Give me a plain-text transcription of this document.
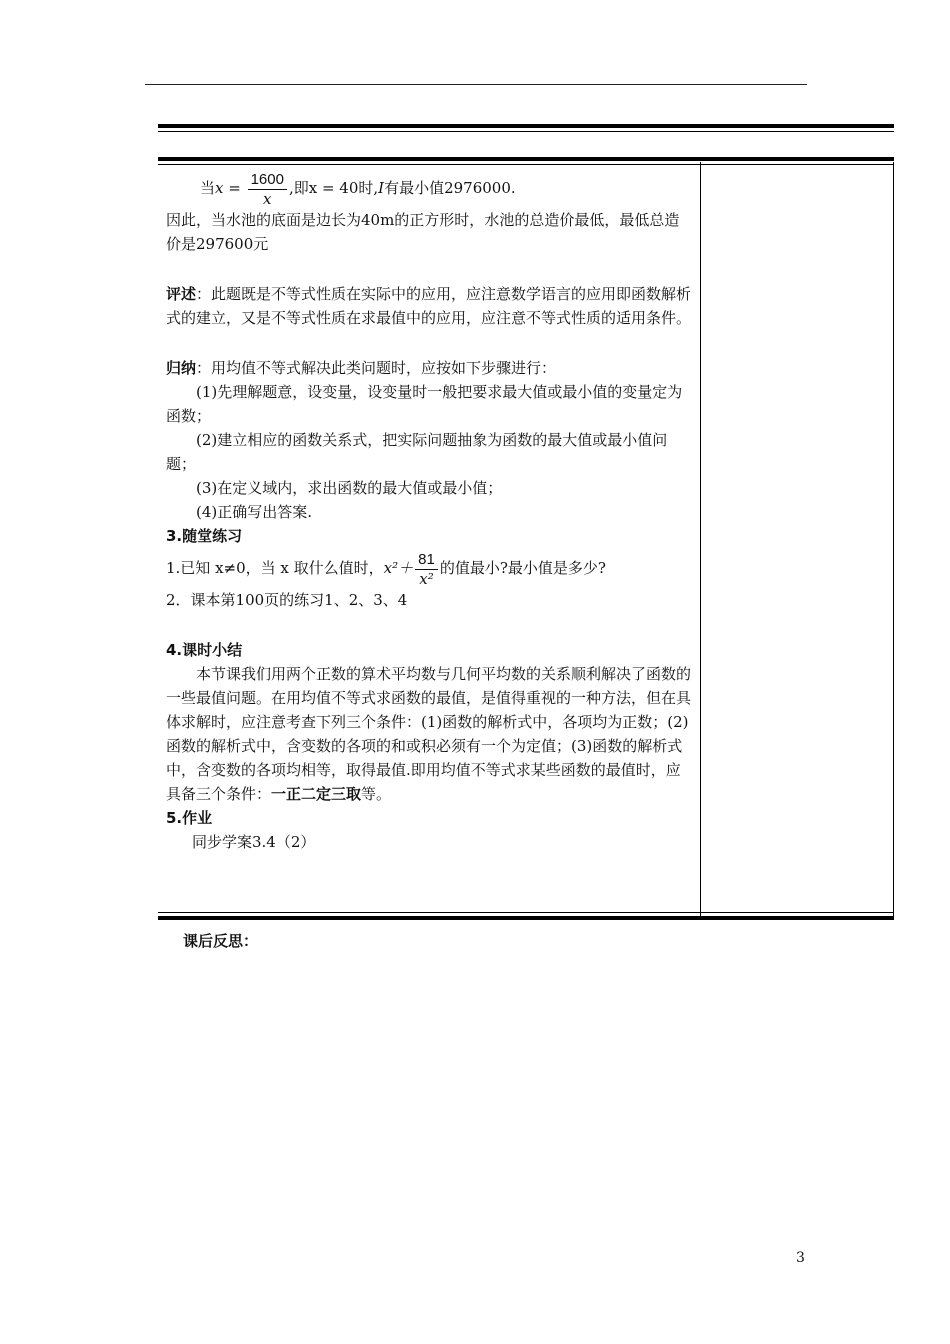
当$x = \frac{1600}{x}$ ,即x = 40时,I有最小值2976000.

因此，当水池的底面是边长为40m的正方形时，水池的总造价最低，最低总造价是297600元

评述：此题既是不等式性质在实际中的应用，应注意数学语言的应用即函数解析式的建立，又是不等式性质在求最值中的应用，应注意不等式性质的适用条件。

归纳：用均值不等式解决此类问题时，应按如下步骤进行：

(1)先理解题意，设变量，设变量时一般把要求最大值或最小值的变量定为函数；

(2)建立相应的函数关系式，把实际问题抽象为函数的最大值或最小值问题；

(3)在定义域内，求出函数的最大值或最小值；

(4)正确写出答案.

3.随堂练习

1.已知 x≠0，当 x 取什么值时，$x^2+ \frac{81}{\text{x²}}$ 的值最小?最小值是多少?

2．课本第100页的练习1、2、3、4

4.课时小结

本节课我们用两个正数的算术平均数与几何平均数的关系顺利解决了函数的一些最值问题。在用均值不等式求函数的最值，是值得重视的一种方法，但在具体求解时，应注意考查下列三个条件：(1)函数的解析式中，各项均为正数；(2)函数的解析式中，含变数的各项的和或积必须有一个为定值；(3)函数的解析式中，含变数的各项均相等，取得最值.即用均值不等式求某些函数的最值时，应具备三个条件：一正二定三取等。

5.作业

同步学案3.4（2）

课后反思：
3
